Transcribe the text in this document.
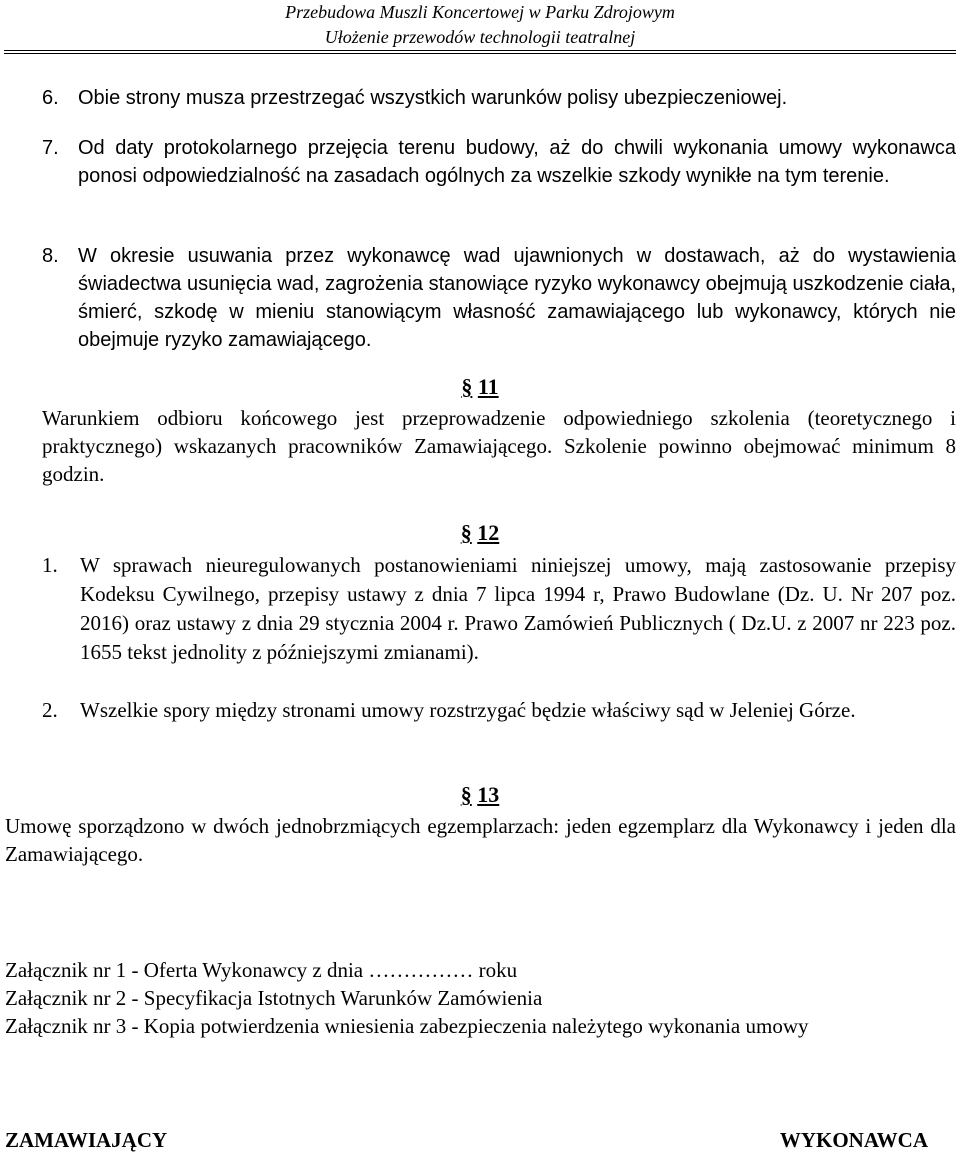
Przebudowa Muszli Koncertowej w Parku Zdrojowym
Ułożenie przewodów technologii teatralnej
6. Obie strony musza przestrzegać wszystkich warunków polisy ubezpieczeniowej.
7. Od daty protokolarnego przejęcia terenu budowy, aż do chwili wykonania umowy wykonawca ponosi odpowiedzialność na zasadach ogólnych za wszelkie szkody wynikłe na tym terenie.
8. W okresie usuwania przez wykonawcę wad ujawnionych w dostawach, aż do wystawienia świadectwa usunięcia wad, zagrożenia stanowiące ryzyko wykonawcy obejmują uszkodzenie ciała, śmierć, szkodę w mieniu stanowiącym własność zamawiającego lub wykonawcy, których nie obejmuje ryzyko zamawiającego.
§ 11
Warunkiem odbioru końcowego jest przeprowadzenie odpowiedniego szkolenia (teoretycznego i praktycznego) wskazanych pracowników Zamawiającego. Szkolenie powinno obejmować minimum 8 godzin.
§ 12
1. W sprawach nieuregulowanych postanowieniami niniejszej umowy, mają zastosowanie przepisy Kodeksu Cywilnego, przepisy ustawy z dnia 7 lipca 1994 r, Prawo Budowlane (Dz. U. Nr 207 poz. 2016) oraz ustawy z dnia 29 stycznia 2004 r. Prawo Zamówień Publicznych ( Dz.U. z 2007 nr 223 poz. 1655 tekst jednolity z późniejszymi zmianami).
2. Wszelkie spory między stronami umowy rozstrzygać będzie właściwy sąd w Jeleniej Górze.
§ 13
Umowę sporządzono w dwóch jednobrzmiących egzemplarzach: jeden egzemplarz dla Wykonawcy i jeden dla Zamawiającego.
Załącznik nr 1 - Oferta Wykonawcy z dnia …………… roku
Załącznik nr 2 - Specyfikacja Istotnych Warunków Zamówienia
Załącznik nr 3 - Kopia potwierdzenia wniesienia zabezpieczenia należytego wykonania umowy
ZAMAWIAJĄCY	WYKONAWCA
